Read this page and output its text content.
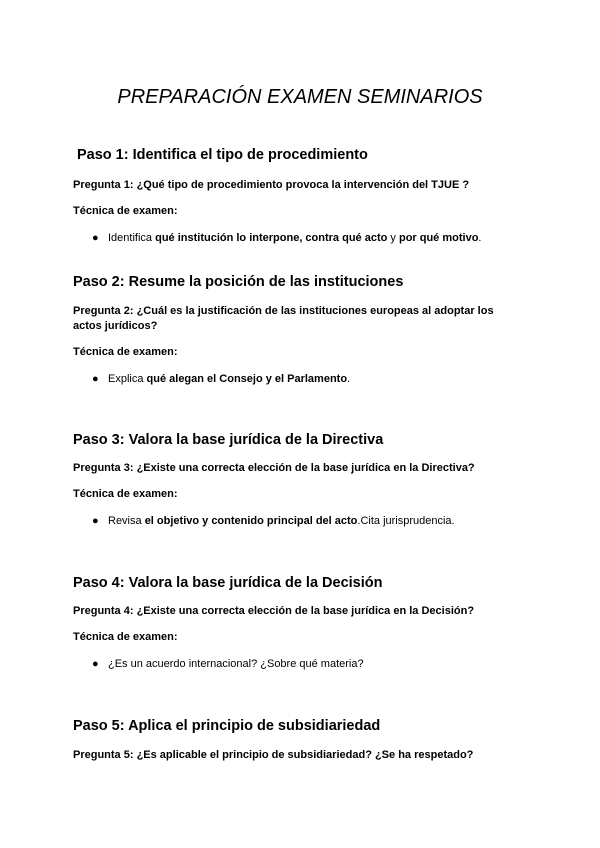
PREPARACIÓN EXAMEN SEMINARIOS
Paso 1: Identifica el tipo de procedimiento

Pregunta 1: ¿Qué tipo de procedimiento provoca la intervención del TJUE ?

Técnica de examen:

● Identifica qué institución lo interpone, contra qué acto y por qué motivo.

Paso 2: Resume la posición de las instituciones

Pregunta 2: ¿Cuál es la justificación de las instituciones europeas al adoptar los actos jurídicos?

Técnica de examen:

● Explica qué alegan el Consejo y el Parlamento.

Paso 3: Valora la base jurídica de la Directiva

Pregunta 3: ¿Existe una correcta elección de la base jurídica en la Directiva?

Técnica de examen:

● Revisa el objetivo y contenido principal del acto.Cita jurisprudencia.

Paso 4: Valora la base jurídica de la Decisión

Pregunta 4: ¿Existe una correcta elección de la base jurídica en la Decisión?

Técnica de examen:

● ¿Es un acuerdo internacional? ¿Sobre qué materia?

Paso 5: Aplica el principio de subsidiariedad

Pregunta 5: ¿Es aplicable el principio de subsidiariedad? ¿Se ha respetado?
